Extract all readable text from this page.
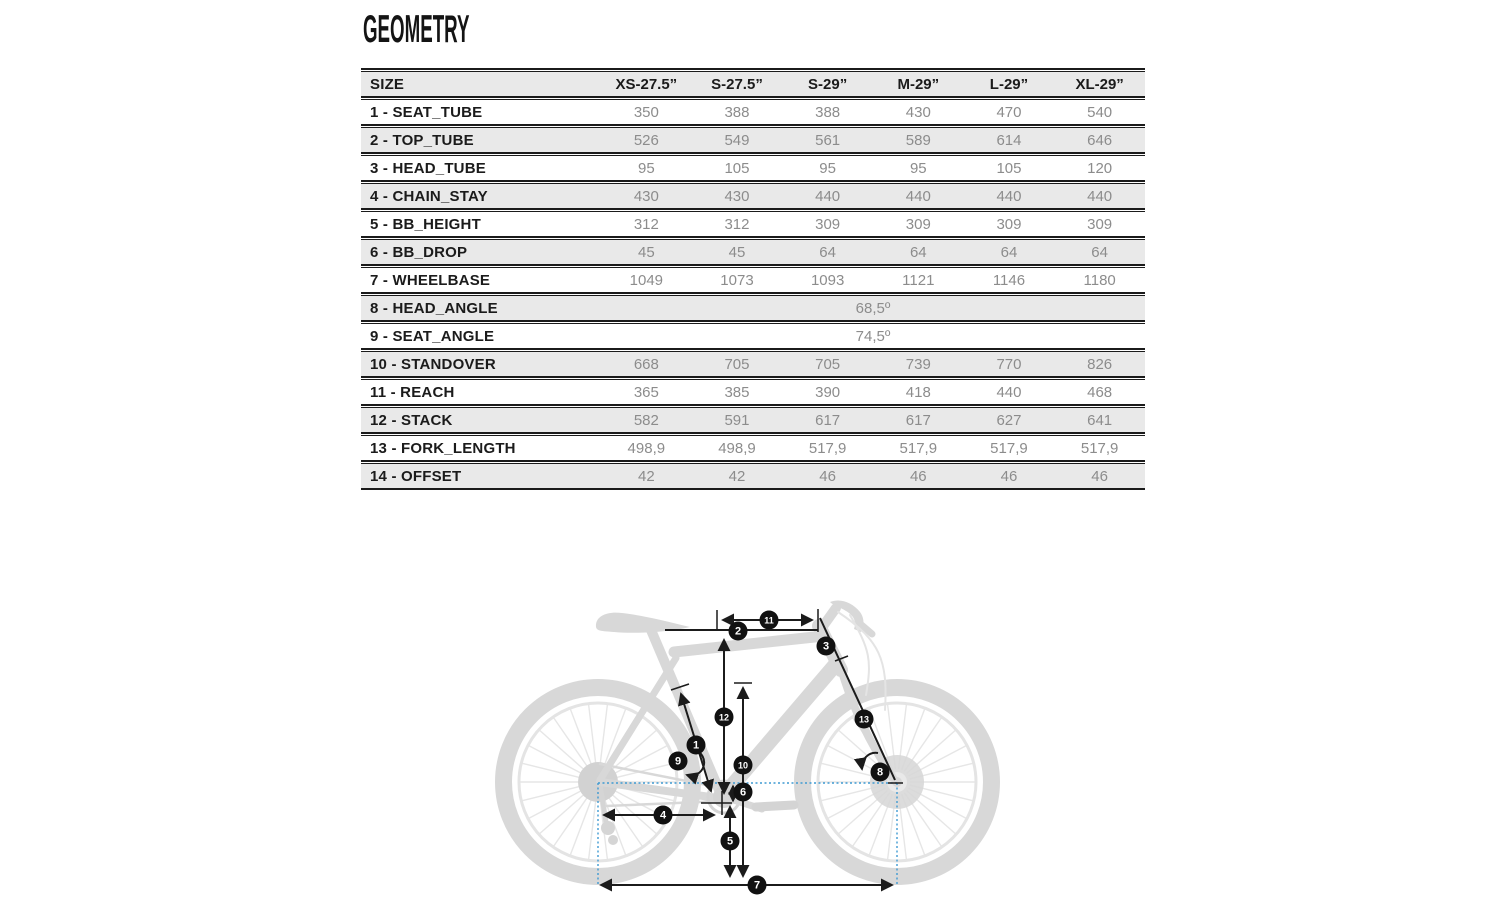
GEOMETRY
SIZE	XS-27.5”	S-27.5”	S-29”	M-29”	L-29”	XL-29”
1 - SEAT_TUBE	350	388	388	430	470	540
2 - TOP_TUBE	526	549	561	589	614	646
3 - HEAD_TUBE	95	105	95	95	105	120
4 - CHAIN_STAY	430	430	440	440	440	440
5 - BB_HEIGHT	312	312	309	309	309	309
6 - BB_DROP	45	45	64	64	64	64
7 - WHEELBASE	1049	1073	1093	1121	1146	1180
8 - HEAD_ANGLE	68,5º					
9 - SEAT_ANGLE	74,5º					
10 - STANDOVER	668	705	705	739	770	826
11 - REACH	365	385	390	418	440	468
12 - STACK	582	591	617	617	627	641
13 - FORK_LENGTH	498,9	498,9	517,9	517,9	517,9	517,9
14 - OFFSET	42	42	46	46	46	46
1
2
3
4
5
6
7
8
9	10
11
12	13
